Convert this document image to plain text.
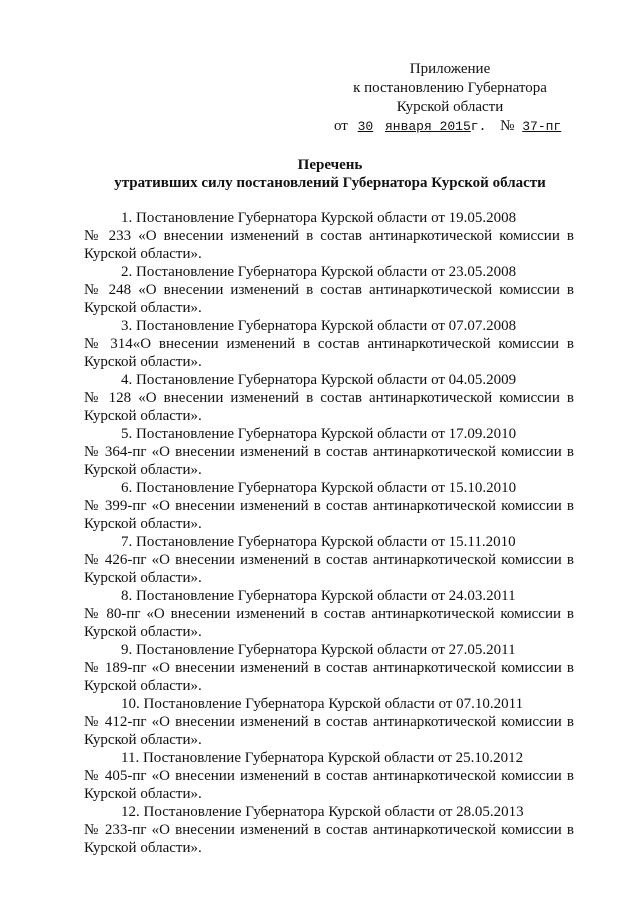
Приложение
к постановлению Губернатора
Курской области
от 30 января 2015г. № 37-пг
Перечень
утративших силу постановлений Губернатора Курской области

1. Постановление Губернатора Курской области от 19.05.2008

№ 233 «О внесении изменений в состав антинаркотической комиссии в

Курской области».

2. Постановление Губернатора Курской области от 23.05.2008

№ 248 «О внесении изменений в состав антинаркотической комиссии в

Курской области».

3. Постановление Губернатора Курской области от 07.07.2008

№ 314«О внесении изменений в состав антинаркотической комиссии в

Курской области».

4. Постановление Губернатора Курской области от 04.05.2009

№ 128 «О внесении изменений в состав антинаркотической комиссии в

Курской области».

5. Постановление Губернатора Курской области от 17.09.2010

№ 364-пг «О внесении изменений в состав антинаркотической комиссии в

Курской области».

6. Постановление Губернатора Курской области от 15.10.2010

№ 399-пг «О внесении изменений в состав антинаркотической комиссии в

Курской области».

7. Постановление Губернатора Курской области от 15.11.2010

№ 426-пг «О внесении изменений в состав антинаркотической комиссии в

Курской области».

8. Постановление Губернатора Курской области от 24.03.2011

№ 80-пг «О внесении изменений в состав антинаркотической комиссии в

Курской области».

9. Постановление Губернатора Курской области от 27.05.2011

№ 189-пг «О внесении изменений в состав антинаркотической комиссии в

Курской области».

10. Постановление Губернатора Курской области от 07.10.2011

№ 412-пг «О внесении изменений в состав антинаркотической комиссии в

Курской области».

11. Постановление Губернатора Курской области от 25.10.2012

№ 405-пг «О внесении изменений в состав антинаркотической комиссии в

Курской области».

12. Постановление Губернатора Курской области от 28.05.2013

№ 233-пг «О внесении изменений в состав антинаркотической комиссии в

Курской области».
